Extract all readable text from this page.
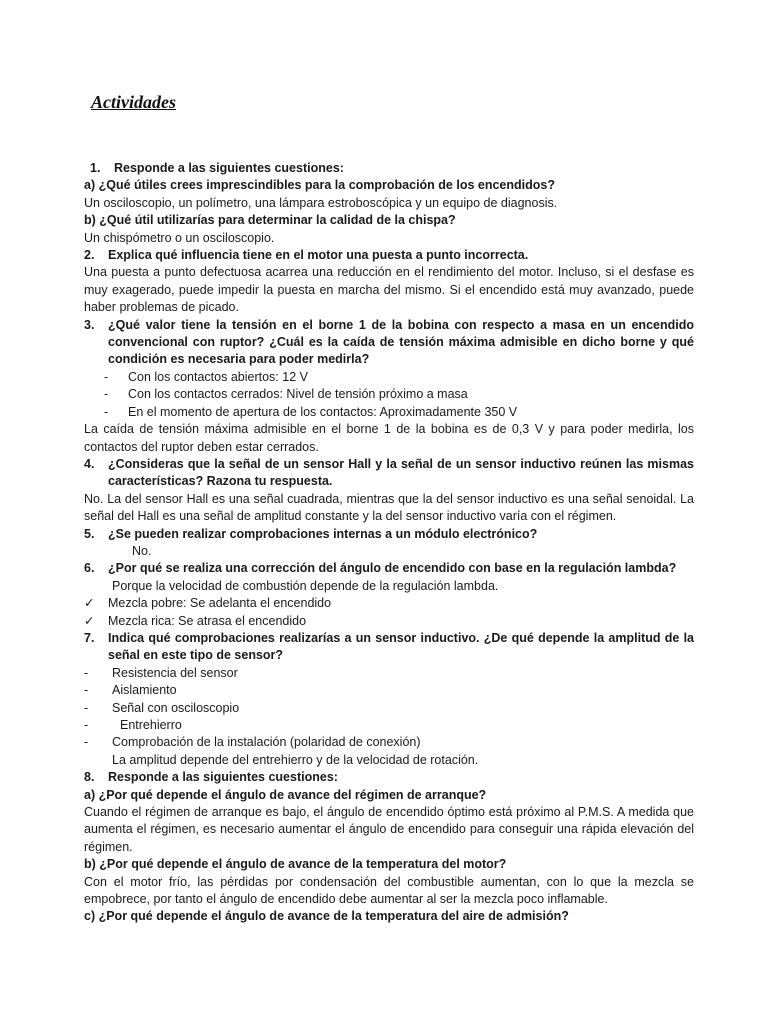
Actividades
1.	Responde a las siguientes cuestiones:

a) ¿Qué útiles crees imprescindibles para la comprobación de los encendidos?

Un osciloscopio, un polímetro, una lámpara estroboscópica y un equipo de diagnosis.

b) ¿Qué útil utilizarías para determinar la calidad de la chispa?

Un chispómetro o un osciloscopio.

2.	Explica qué influencia tiene en el motor una puesta a punto incorrecta.

Una puesta a punto defectuosa acarrea una reducción en el rendimiento del motor. Incluso, si el desfase es muy exagerado, puede impedir la puesta en marcha del mismo. Si el encendido está muy avanzado, puede haber problemas de picado.

3.	¿Qué valor tiene la tensión en el borne 1 de la bobina con respecto a masa en un encendido convencional con ruptor? ¿Cuál es la caída de tensión máxima admisible en dicho borne y qué condición es necesaria para poder medirla?
-	Con los contactos abiertos: 12 V
-	Con los contactos cerrados: Nivel de tensión próximo a masa
-	En el momento de apertura de los contactos: Aproximadamente 350 V

La caída de tensión máxima admisible en el borne 1 de la bobina es de 0,3 V y para poder medirla, los contactos del ruptor deben estar cerrados.

4.	¿Consideras que la señal de un sensor Hall y la señal de un sensor inductivo reúnen las mismas características? Razona tu respuesta.

No. La del sensor Hall es una señal cuadrada, mientras que la del sensor inductivo es una señal senoidal. La señal del Hall es una señal de amplitud constante y la del sensor inductivo varía con el régimen.

5.	¿Se pueden realizar comprobaciones internas a un módulo electrónico?

No.

6.	¿Por qué se realiza una corrección del ángulo de encendido con base en la regulación lambda?

Porque la velocidad de combustión depende de la regulación lambda.

✓	Mezcla pobre: Se adelanta el encendido
✓	Mezcla rica: Se atrasa el encendido
7.	Indica qué comprobaciones realizarías a un sensor inductivo. ¿De qué depende la amplitud de la señal en este tipo de sensor?
-	Resistencia del sensor
-	Aislamiento
-	Señal con osciloscopio
-	Entrehierro
-	Comprobación de la instalación (polaridad de conexión)

La amplitud depende del entrehierro y de la velocidad de rotación.

8.	Responde a las siguientes cuestiones:

a) ¿Por qué depende el ángulo de avance del régimen de arranque?

Cuando el régimen de arranque es bajo, el ángulo de encendido óptimo está próximo al P.M.S. A medida que aumenta el régimen, es necesario aumentar el ángulo de encendido para conseguir una rápida elevación del régimen.

b) ¿Por qué depende el ángulo de avance de la temperatura del motor?

Con el motor frío, las pérdidas por condensación del combustible aumentan, con lo que la mezcla se empobrece, por tanto el ángulo de encendido debe aumentar al ser la mezcla poco inflamable.

c) ¿Por qué depende el ángulo de avance de la temperatura del aire de admisión?
